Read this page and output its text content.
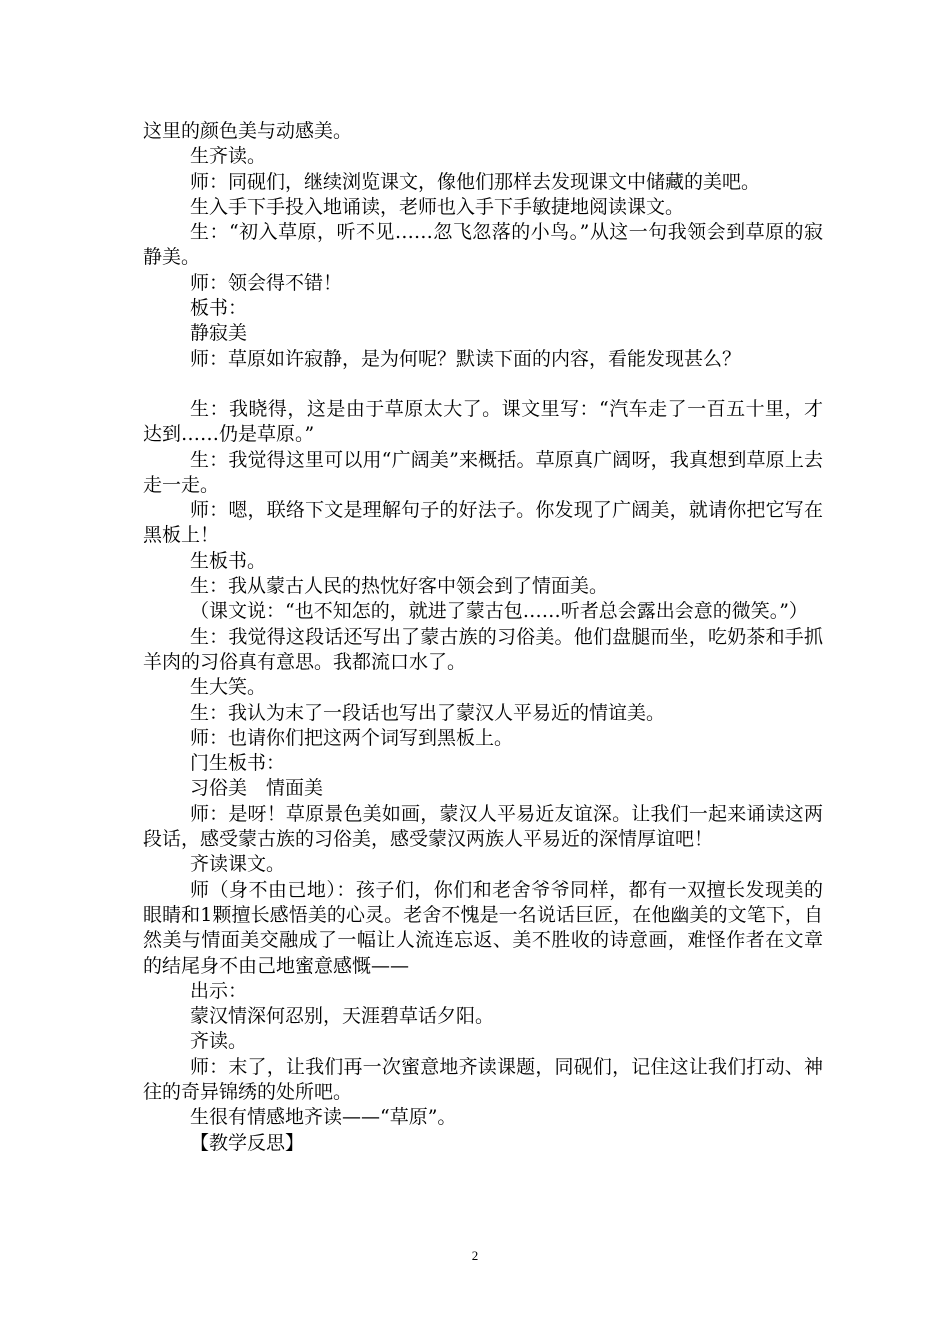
这里的颜色美与动感美。

生齐读。

师：同砚们，继续浏览课文，像他们那样去发现课文中储藏的美吧。

生入手下手投入地诵读，老师也入手下手敏捷地阅读课文。

生：“初入草原，听不见……忽飞忽落的小鸟。”从这一句我领会到草原的寂静美。

师：领会得不错！

板书：

静寂美

师：草原如许寂静，是为何呢？默读下面的内容，看能发现甚么？

生：我晓得，这是由于草原太大了。课文里写：“汽车走了一百五十里，才达到……仍是草原。”

生：我觉得这里可以用“广阔美”来概括。草原真广阔呀，我真想到草原上去走一走。

师：嗯，联络下文是理解句子的好法子。你发现了广阔美，就请你把它写在黑板上！

生板书。

生：我从蒙古人民的热忱好客中领会到了情面美。

（课文说：“也不知怎的，就进了蒙古包……听者总会露出会意的微笑。”）

生：我觉得这段话还写出了蒙古族的习俗美。他们盘腿而坐，吃奶茶和手抓羊肉的习俗真有意思。我都流口水了。

生大笑。

生：我认为末了一段话也写出了蒙汉人平易近的情谊美。

师：也请你们把这两个词写到黑板上。

门生板书：

习俗美　情面美

师：是呀！草原景色美如画，蒙汉人平易近友谊深。让我们一起来诵读这两段话，感受蒙古族的习俗美，感受蒙汉两族人平易近的深情厚谊吧！

齐读课文。

师（身不由已地）：孩子们，你们和老舍爷爷同样，都有一双擅长发现美的眼睛和1颗擅长感悟美的心灵。老舍不愧是一名说话巨匠，在他幽美的文笔下，自然美与情面美交融成了一幅让人流连忘返、美不胜收的诗意画，难怪作者在文章的结尾身不由己地蜜意感慨——

出示：

蒙汉情深何忍别，天涯碧草话夕阳。

齐读。

师：末了，让我们再一次蜜意地齐读课题，同砚们，记住这让我们打动、神往的奇异锦绣的处所吧。

生很有情感地齐读——“草原”。

【教学反思】

2
